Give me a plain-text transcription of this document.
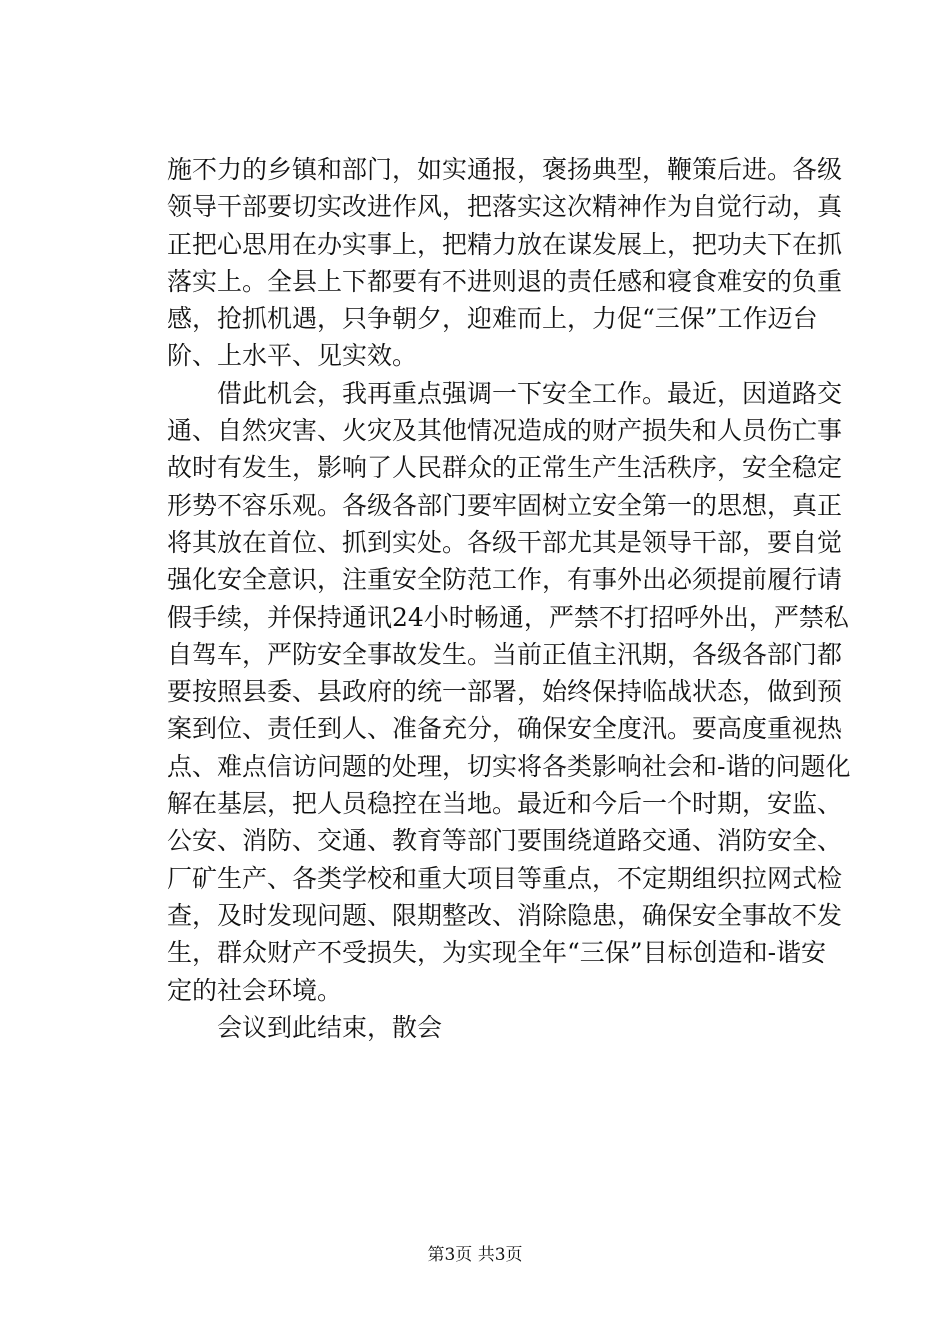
施不力的乡镇和部门，如实通报，褒扬典型，鞭策后进。各级
领导干部要切实改进作风，把落实这次精神作为自觉行动，真
正把心思用在办实事上，把精力放在谋发展上，把功夫下在抓
落实上。全县上下都要有不进则退的责任感和寝食难安的负重
感，抢抓机遇，只争朝夕，迎难而上，力促“三保”工作迈台
阶、上水平、见实效。
借此机会，我再重点强调一下安全工作。最近，因道路交
通、自然灾害、火灾及其他情况造成的财产损失和人员伤亡事
故时有发生，影响了人民群众的正常生产生活秩序，安全稳定
形势不容乐观。各级各部门要牢固树立安全第一的思想，真正
将其放在首位、抓到实处。各级干部尤其是领导干部，要自觉
强化安全意识，注重安全防范工作，有事外出必须提前履行请
假手续，并保持通讯24小时畅通，严禁不打招呼外出，严禁私
自驾车，严防安全事故发生。当前正值主汛期，各级各部门都
要按照县委、县政府的统一部署，始终保持临战状态，做到预
案到位、责任到人、准备充分，确保安全度汛。要高度重视热
点、难点信访问题的处理，切实将各类影响社会和-谐的问题化
解在基层，把人员稳控在当地。最近和今后一个时期，安监、
公安、消防、交通、教育等部门要围绕道路交通、消防安全、
厂矿生产、各类学校和重大项目等重点，不定期组织拉网式检
查，及时发现问题、限期整改、消除隐患，确保安全事故不发
生，群众财产不受损失，为实现全年“三保”目标创造和-谐安
定的社会环境。
会议到此结束，散会
第3页 共3页
